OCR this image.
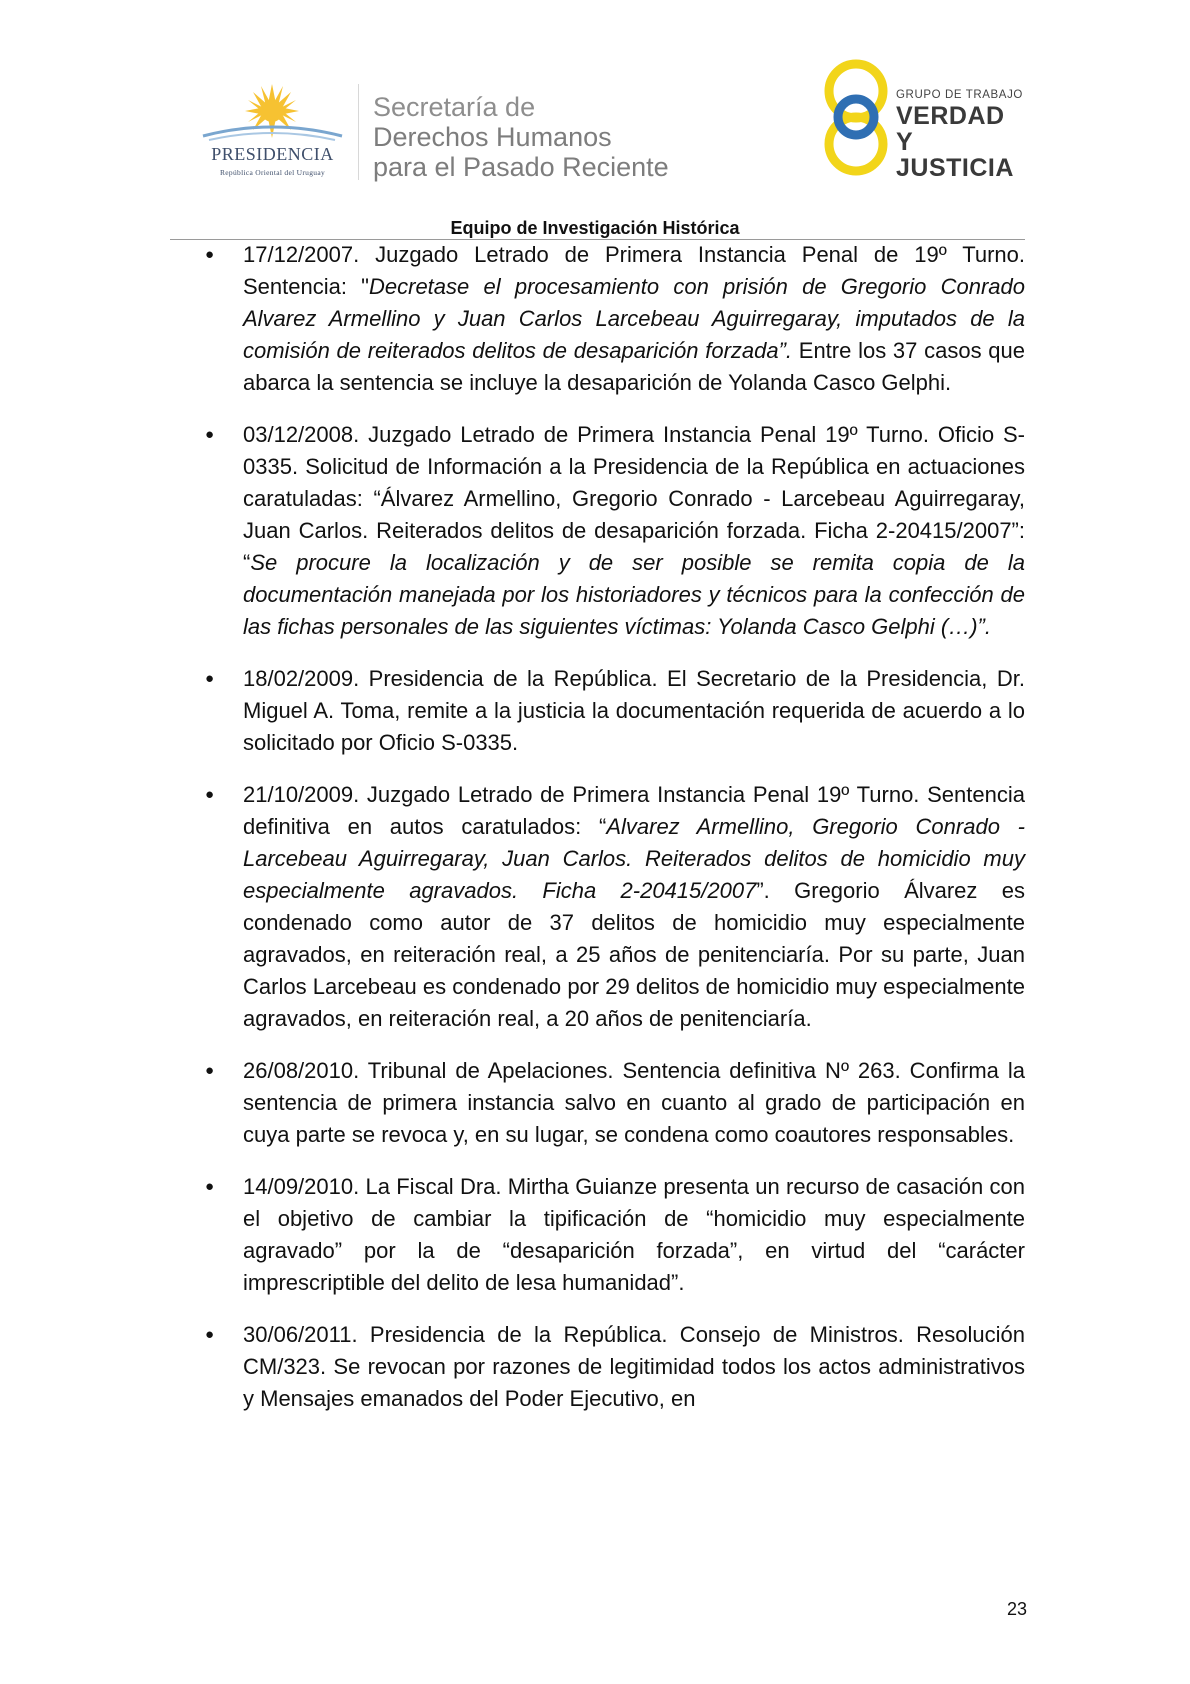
PRESIDENCIA
República Oriental del Uruguay
Secretaría de
Derechos Humanos
para el Pasado Reciente
GRUPO DE TRABAJO
VERDAD Y
JUSTICIA
Equipo de Investigación Histórica
● 17/12/2007. Juzgado Letrado de Primera Instancia Penal de 19º Turno. Sentencia: "Decretase el procesamiento con prisión de Gregorio Conrado Alvarez Armellino y Juan Carlos Larcebeau Aguirregaray, imputados de la comisión de reiterados delitos de desaparición forzada”. Entre los 37 casos que abarca la sentencia se incluye la desaparición de Yolanda Casco Gelphi.

● 03/12/2008. Juzgado Letrado de Primera Instancia Penal 19º Turno. Oficio S-0335. Solicitud de Información a la Presidencia de la República en actuaciones caratuladas: “Álvarez Armellino, Gregorio Conrado - Larcebeau Aguirregaray, Juan Carlos. Reiterados delitos de desaparición forzada. Ficha 2-20415/2007”: “Se procure la localización y de ser posible se remita copia de la documentación manejada por los historiadores y técnicos para la confección de las fichas personales de las siguientes víctimas: Yolanda Casco Gelphi (…)”.

● 18/02/2009. Presidencia de la República. El Secretario de la Presidencia, Dr. Miguel A. Toma, remite a la justicia la documentación requerida de acuerdo a lo solicitado por Oficio S-0335.

● 21/10/2009. Juzgado Letrado de Primera Instancia Penal 19º Turno. Sentencia definitiva en autos caratulados: “Alvarez Armellino, Gregorio Conrado - Larcebeau Aguirregaray, Juan Carlos. Reiterados delitos de homicidio muy especialmente agravados. Ficha 2-20415/2007”. Gregorio Álvarez es condenado como autor de 37 delitos de homicidio muy especialmente agravados, en reiteración real, a 25 años de penitenciaría. Por su parte, Juan Carlos Larcebeau es condenado por 29 delitos de homicidio muy especialmente agravados, en reiteración real, a 20 años de penitenciaría.

● 26/08/2010. Tribunal de Apelaciones. Sentencia definitiva Nº 263. Confirma la sentencia de primera instancia salvo en cuanto al grado de participación en cuya parte se revoca y, en su lugar, se condena como coautores responsables.

● 14/09/2010. La Fiscal Dra. Mirtha Guianze presenta un recurso de casación con el objetivo de cambiar la tipificación de “homicidio muy especialmente agravado” por la de “desaparición forzada”, en virtud del “carácter imprescriptible del delito de lesa humanidad”.

● 30/06/2011. Presidencia de la República. Consejo de Ministros. Resolución CM/323. Se revocan por razones de legitimidad todos los actos administrativos y Mensajes emanados del Poder Ejecutivo, en

23
